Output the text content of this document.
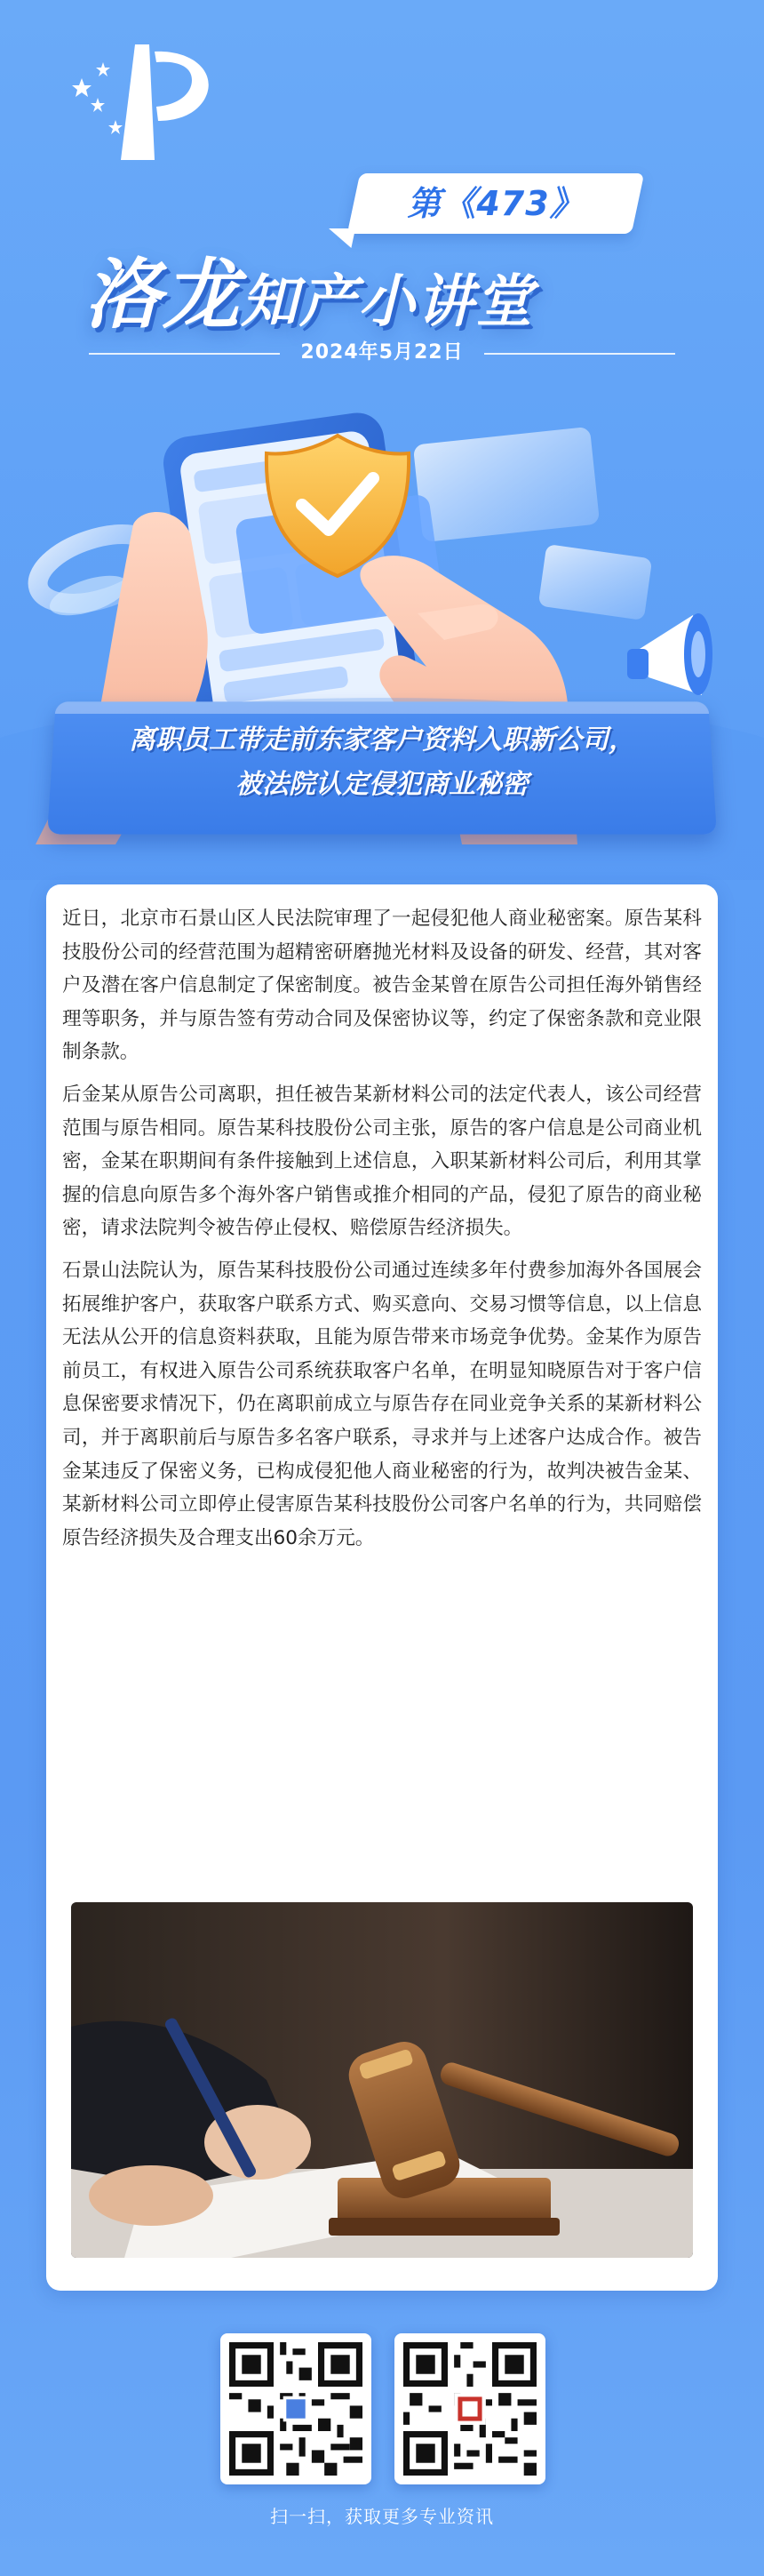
第《473》
洛龙知产小讲堂
2024年5月22日
离职员工带走前东家客户资料入职新公司，
被法院认定侵犯商业秘密

近日，北京市石景山区人民法院审理了一起侵犯他人商业秘密案。原告某科技股份公司的经营范围为超精密研磨抛光材料及设备的研发、经营，其对客户及潜在客户信息制定了保密制度。被告金某曾在原告公司担任海外销售经理等职务，并与原告签有劳动合同及保密协议等，约定了保密条款和竞业限制条款。

后金某从原告公司离职，担任被告某新材料公司的法定代表人，该公司经营范围与原告相同。原告某科技股份公司主张，原告的客户信息是公司商业机密，金某在职期间有条件接触到上述信息，入职某新材料公司后，利用其掌握的信息向原告多个海外客户销售或推介相同的产品，侵犯了原告的商业秘密，请求法院判令被告停止侵权、赔偿原告经济损失。

石景山法院认为，原告某科技股份公司通过连续多年付费参加海外各国展会拓展维护客户，获取客户联系方式、购买意向、交易习惯等信息，以上信息无法从公开的信息资料获取，且能为原告带来市场竞争优势。金某作为原告前员工，有权进入原告公司系统获取客户名单，在明显知晓原告对于客户信息保密要求情况下，仍在离职前成立与原告存在同业竞争关系的某新材料公司，并于离职前后与原告多名客户联系，寻求并与上述客户达成合作。被告金某违反了保密义务，已构成侵犯他人商业秘密的行为，故判决被告金某、某新材料公司立即停止侵害原告某科技股份公司客户名单的行为，共同赔偿原告经济损失及合理支出60余万元。

扫一扫，获取更多专业资讯
